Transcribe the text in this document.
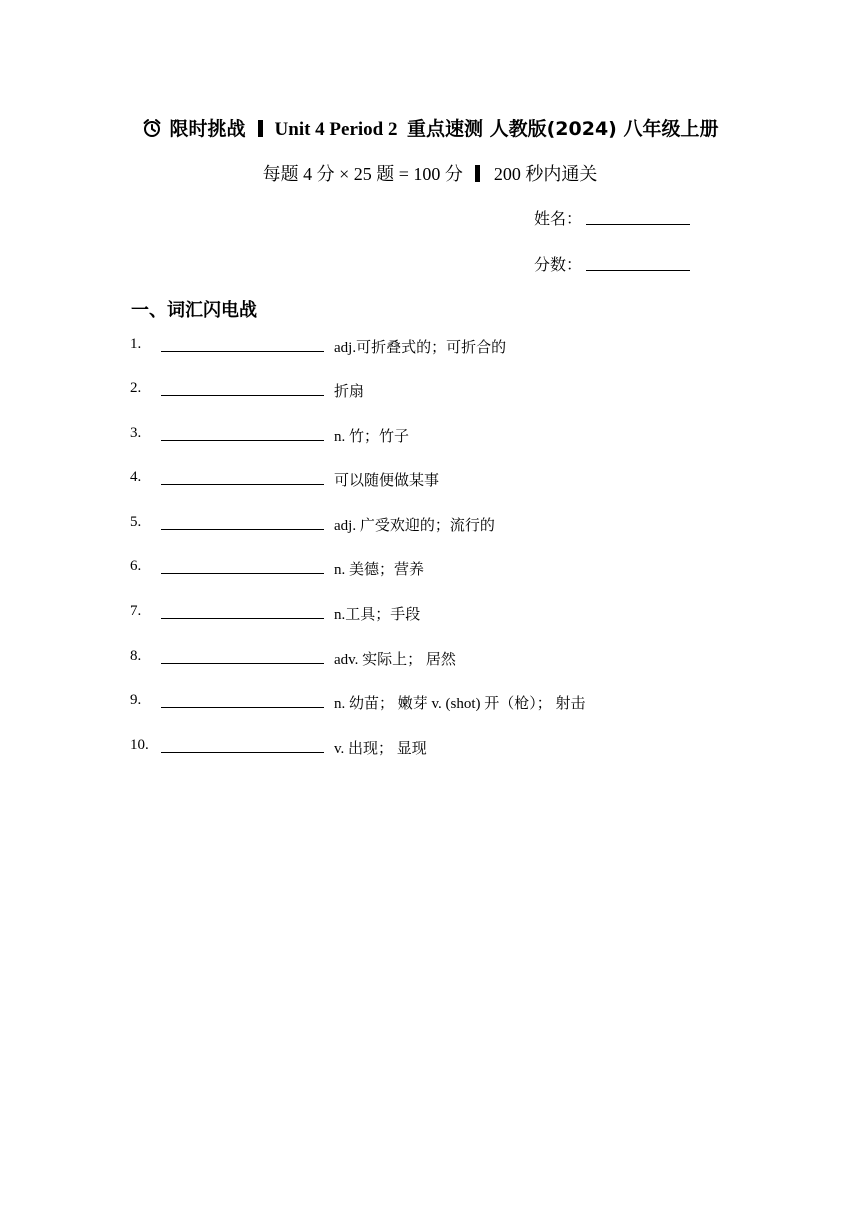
限时挑战 Unit 4 Period 2 重点速测 人教版(2024) 八年级上册
每题 4 分 × 25 题 = 100 分 200 秒内通关
姓名：
分数：
一、词汇闪电战
1.	adj.可折叠式的；可折合的
2.	折扇
3.	n. 竹；竹子
4.	可以随便做某事
5.	adj. 广受欢迎的；流行的
6.	n. 美德；营养
7.	n.工具；手段
8.	adv. 实际上； 居然
9.	n. 幼苗； 嫩芽 v. (shot) 开（枪）； 射击
10.	v. 出现； 显现
